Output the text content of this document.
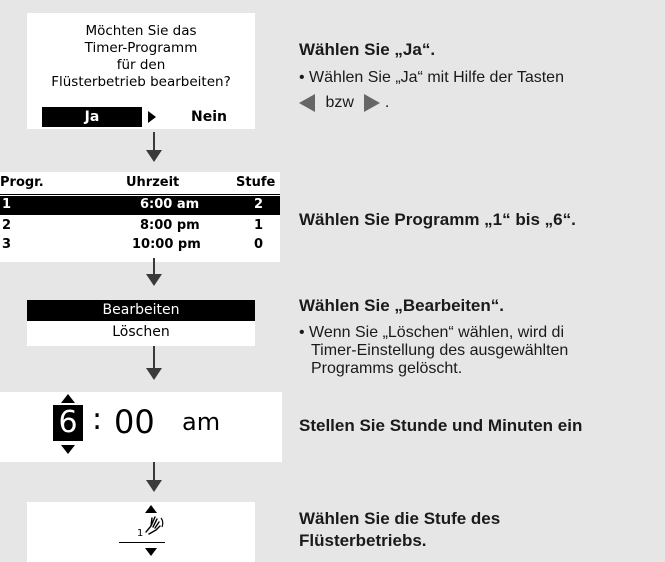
Möchten Sie das
Timer-Programm
für den
Flüsterbetrieb bearbeiten?
Ja	Nein
Wählen Sie „Ja“.
• Wählen Sie „Ja“ mit Hilfe der Tasten
bzw .
Progr.	Uhrzeit	Stufe
1	6:00 am	2
2	8:00 pm	1
3	10:00 pm	0
Wählen Sie Programm „1“ bis „6“.
Bearbeiten
Löschen
Wählen Sie „Bearbeiten“.
• Wenn Sie „Löschen“ wählen, wird di
Timer-Einstellung des ausgewählten
Programms gelöscht.
6 : 00 am	Stellen Sie Stunde und Minuten ein
1
Wählen Sie die Stufe des
Flüsterbetriebs.
